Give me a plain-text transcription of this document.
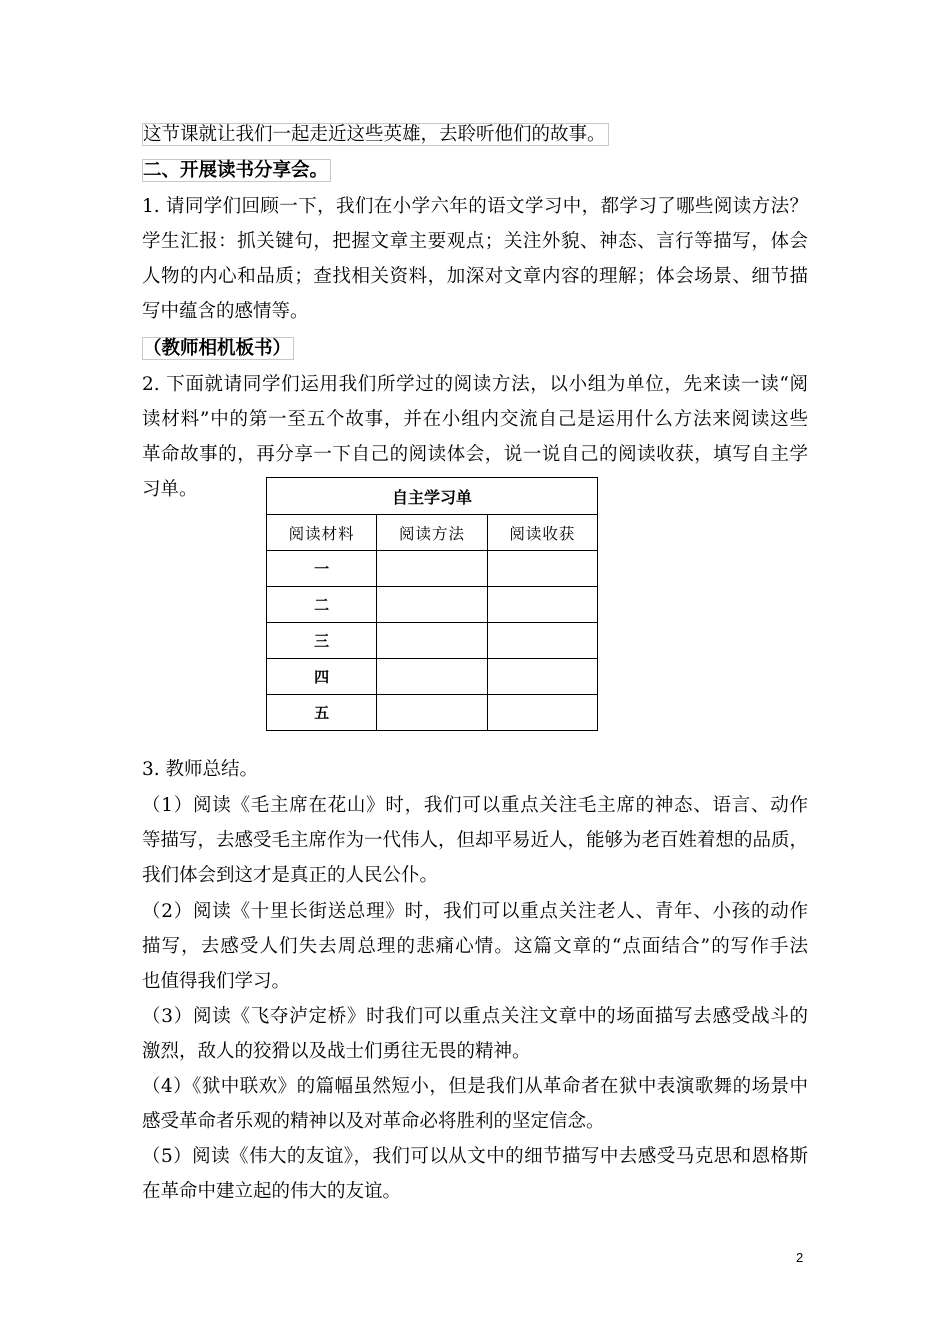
这节课就让我们一起走近这些英雄，去聆听他们的故事。
二、开展读书分享会。
1. 请同学们回顾一下，我们在小学六年的语文学习中，都学习了哪些阅读方法？
学生汇报：抓关键句，把握文章主要观点；关注外貌、神态、言行等描写，体会
人物的内心和品质；查找相关资料，加深对文章内容的理解；体会场景、细节描
写中蕴含的感情等。
（教师相机板书）
2. 下面就请同学们运用我们所学过的阅读方法，以小组为单位，先来读一读“阅
读材料”中的第一至五个故事，并在小组内交流自己是运用什么方法来阅读这些
革命故事的，再分享一下自己的阅读体会，说一说自己的阅读收获，填写自主学
习单。	自主学习单		
阅读材料	阅读方法	阅读收获
一		
二		
三		
四		
五		
3. 教师总结。
（1）阅读《毛主席在花山》时，我们可以重点关注毛主席的神态、语言、动作
等描写，去感受毛主席作为一代伟人，但却平易近人，能够为老百姓着想的品质，
我们体会到这才是真正的人民公仆。
（2）阅读《十里长街送总理》时，我们可以重点关注老人、青年、小孩的动作
描写，去感受人们失去周总理的悲痛心情。这篇文章的“点面结合”的写作手法
也值得我们学习。
（3）阅读《飞夺泸定桥》时我们可以重点关注文章中的场面描写去感受战斗的
激烈，敌人的狡猾以及战士们勇往无畏的精神。
（4）《狱中联欢》的篇幅虽然短小，但是我们从革命者在狱中表演歌舞的场景中
感受革命者乐观的精神以及对革命必将胜利的坚定信念。
（5）阅读《伟大的友谊》，我们可以从文中的细节描写中去感受马克思和恩格斯
在革命中建立起的伟大的友谊。
2
